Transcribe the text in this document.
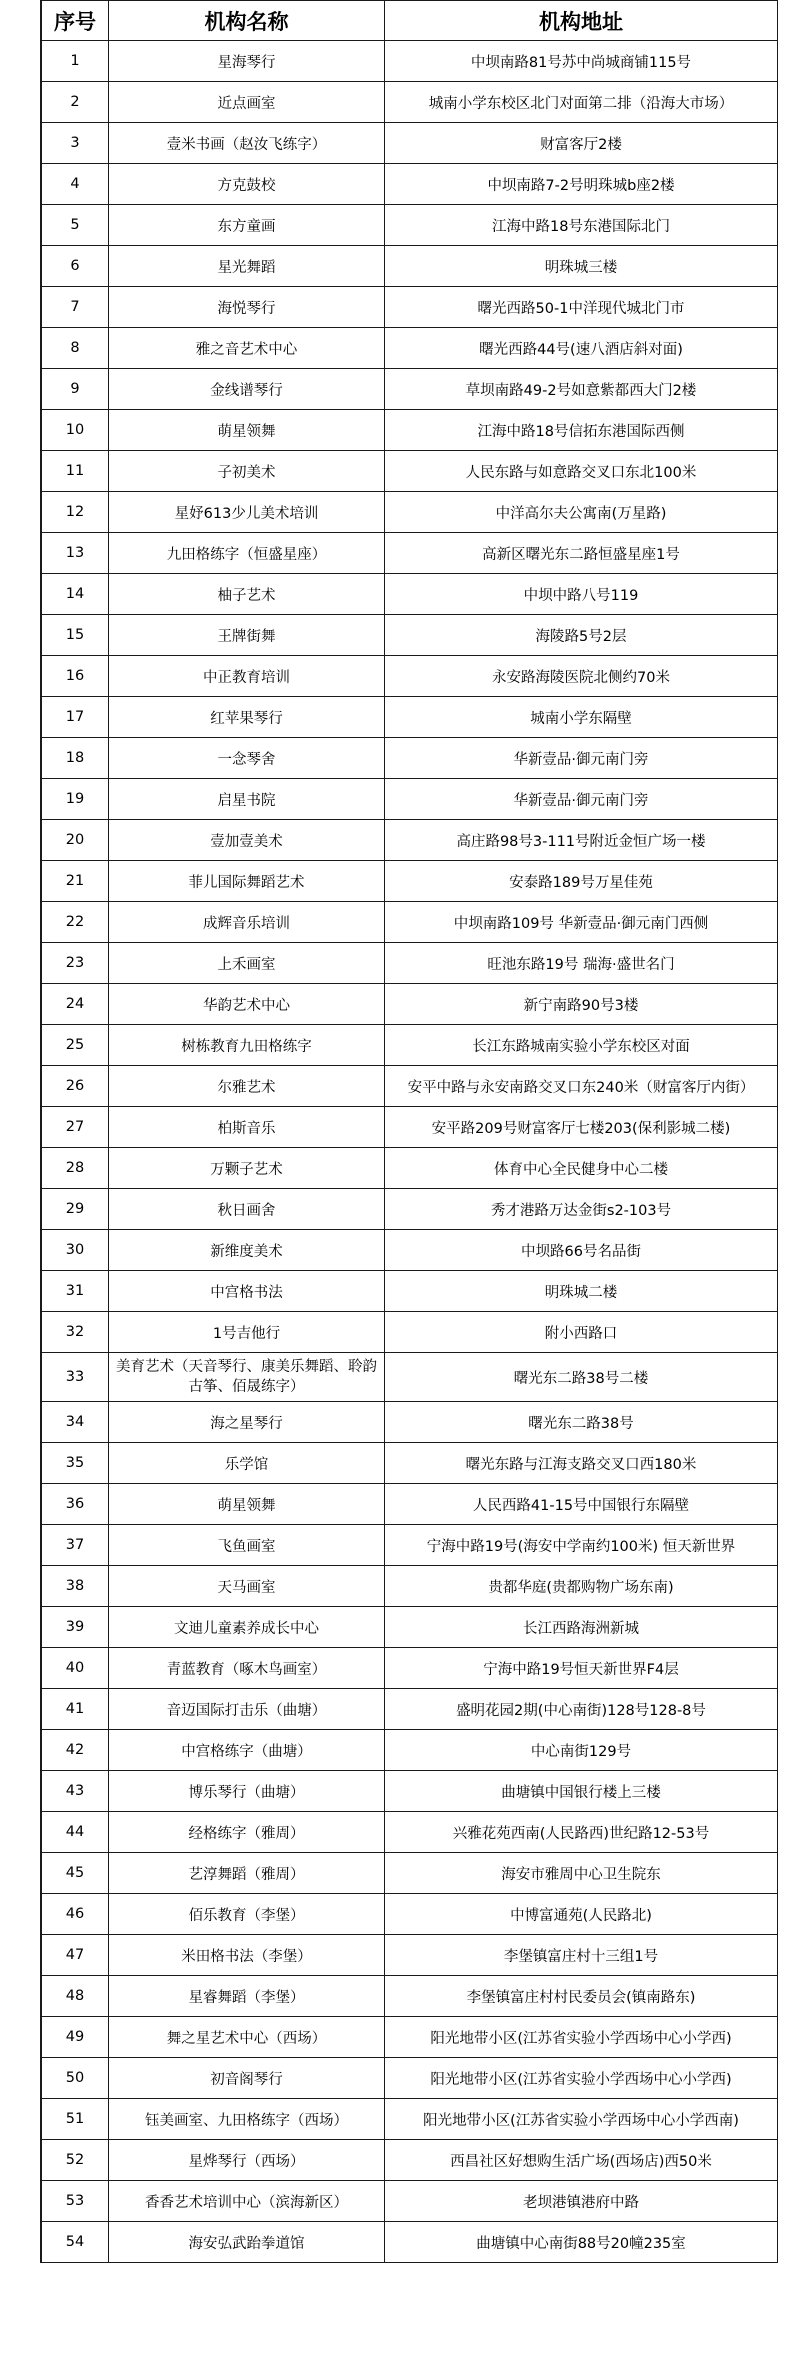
序号	机构名称	机构地址
1	星海琴行	中坝南路81号苏中尚城商铺115号
2	近点画室	城南小学东校区北门对面第二排（沿海大市场）
3	壹米书画（赵汝飞练字）	财富客厅2楼
4	方克鼓校	中坝南路7-2号明珠城b座2楼
5	东方童画	江海中路18号东港国际北门
6	星光舞蹈	明珠城三楼
7	海悦琴行	曙光西路50-1中洋现代城北门市
8	雅之音艺术中心	曙光西路44号(速八酒店斜对面)
9	金线谱琴行	草坝南路49-2号如意紫都西大门2楼
10	萌星领舞	江海中路18号信拓东港国际西侧
11	子初美术	人民东路与如意路交叉口东北100米
12	星妤613少儿美术培训	中洋高尔夫公寓南(万星路)
13	九田格练字（恒盛星座）	高新区曙光东二路恒盛星座1号
14	柚子艺术	中坝中路八号119
15	王牌街舞	海陵路5号2层
16	中正教育培训	永安路海陵医院北侧约70米
17	红苹果琴行	城南小学东隔壁
18	一念琴舍	华新壹品·御元南门旁
19	启星书院	华新壹品·御元南门旁
20	壹加壹美术	高庄路98号3-111号附近金恒广场一楼
21	菲儿国际舞蹈艺术	安泰路189号万星佳苑
22	成辉音乐培训	中坝南路109号 华新壹品·御元南门西侧
23	上禾画室	旺池东路19号 瑞海·盛世名门
24	华韵艺术中心	新宁南路90号3楼
25	树栋教育九田格练字	长江东路城南实验小学东校区对面
26	尔雅艺术	安平中路与永安南路交叉口东240米（财富客厅内街）
27	柏斯音乐	安平路209号财富客厅七楼203(保利影城二楼)
28	万颗子艺术	体育中心全民健身中心二楼
29	秋日画舍	秀才港路万达金街s2-103号
30	新维度美术	中坝路66号名品街
31	中宫格书法	明珠城二楼
32	1号吉他行	附小西路口
33	美育艺术（天音琴行、康美乐舞蹈、聆韵古筝、佰晟练字）	曙光东二路38号二楼
34	海之星琴行	曙光东二路38号
35	乐学馆	曙光东路与江海支路交叉口西180米
36	萌星领舞	人民西路41-15号中国银行东隔壁
37	飞鱼画室	宁海中路19号(海安中学南约100米) 恒天新世界
38	天马画室	贵都华庭(贵都购物广场东南)
39	文迪儿童素养成长中心	长江西路海洲新城
40	青蓝教育（啄木鸟画室）	宁海中路19号恒天新世界F4层
41	音迈国际打击乐（曲塘）	盛明花园2期(中心南街)128号128-8号
42	中宫格练字（曲塘）	中心南街129号
43	博乐琴行（曲塘）	曲塘镇中国银行楼上三楼
44	经格练字（雅周）	兴雅花苑西南(人民路西)世纪路12-53号
45	艺淳舞蹈（雅周）	海安市雅周中心卫生院东
46	佰乐教育（李堡）	中博富通苑(人民路北)
47	米田格书法（李堡）	李堡镇富庄村十三组1号
48	星睿舞蹈（李堡）	李堡镇富庄村村民委员会(镇南路东)
49	舞之星艺术中心（西场）	阳光地带小区(江苏省实验小学西场中心小学西)
50	初音阁琴行	阳光地带小区(江苏省实验小学西场中心小学西)
51	钰美画室、九田格练字（西场）	阳光地带小区(江苏省实验小学西场中心小学西南)
52	星烨琴行（西场）	西昌社区好想购生活广场(西场店)西50米
53	香香艺术培训中心（滨海新区）	老坝港镇港府中路
54	海安弘武跆拳道馆	曲塘镇中心南街88号20幢235室
